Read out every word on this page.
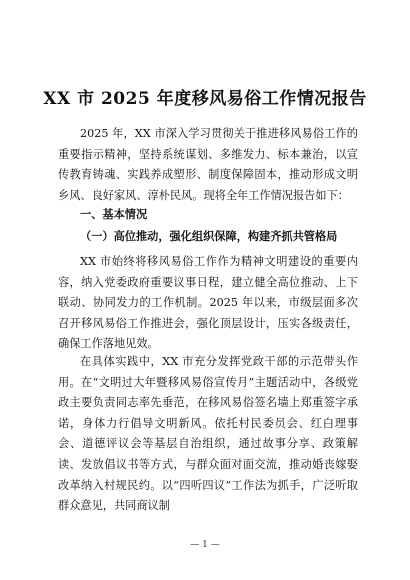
XX 市 2025 年度移风易俗工作情况报告

2025 年，XX 市深入学习贯彻关于推进移风易俗工作的重要指示精神，坚持系统谋划、多维发力、标本兼治，以宣传教育铸魂、实践养成塑形、制度保障固本，推动形成文明乡风、良好家风、淳朴民风。现将全年工作情况报告如下：

一、基本情况

（一）高位推动，强化组织保障，构建齐抓共管格局

XX 市始终将移风易俗工作作为精神文明建设的重要内容，纳入党委政府重要议事日程，建立健全高位推动、上下联动、协同发力的工作机制。2025 年以来，市级层面多次召开移风易俗工作推进会，强化顶层设计，压实各级责任，确保工作落地见效。

在具体实践中，XX 市充分发挥党政干部的示范带头作用。在“文明过大年暨移风易俗宣传月”主题活动中，各级党政主要负责同志率先垂范，在移风易俗签名墙上郑重签字承诺，身体力行倡导文明新风。依托村民委员会、红白理事会、道德评议会等基层自治组织，通过故事分享、政策解读、发放倡议书等方式，与群众面对面交流，推动婚丧嫁娶改革纳入村规民约。以“四听四议”工作法为抓手，广泛听取群众意见，共同商议制

— 1 —
